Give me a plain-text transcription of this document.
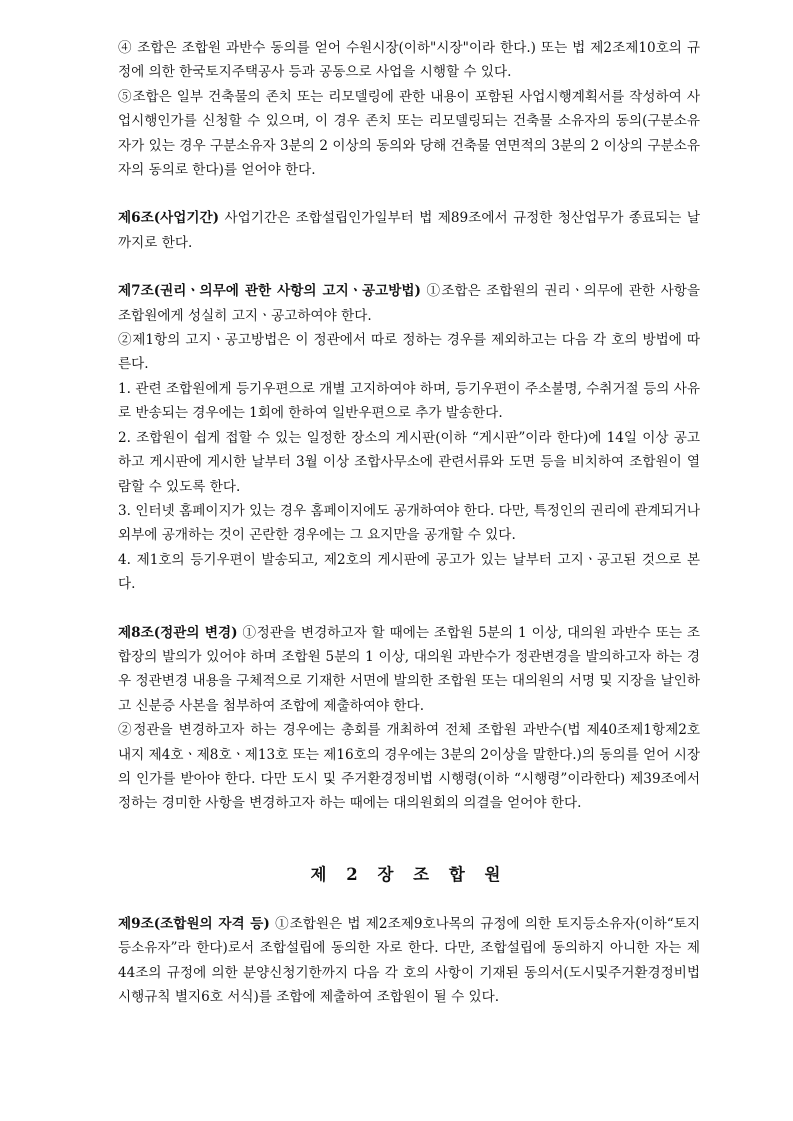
④ 조합은 조합원 과반수 동의를 얻어 수원시장(이하"시장"이라 한다.) 또는 법 제2조제10호의 규정에 의한 한국토지주택공사 등과 공동으로 사업을 시행할 수 있다.

⑤조합은 일부 건축물의 존치 또는 리모델링에 관한 내용이 포함된 사업시행계획서를 작성하여 사업시행인가를 신청할 수 있으며, 이 경우 존치 또는 리모델링되는 건축물 소유자의 동의(구분소유자가 있는 경우 구분소유자 3분의 2 이상의 동의와 당해 건축물 연면적의 3분의 2 이상의 구분소유자의 동의로 한다)를 얻어야 한다.

제6조(사업기간) 사업기간은 조합설립인가일부터 법 제89조에서 규정한 청산업무가 종료되는 날까지로 한다.

제7조(권리ㆍ의무에 관한 사항의 고지ㆍ공고방법) ①조합은 조합원의 권리ㆍ의무에 관한 사항을 조합원에게 성실히 고지ㆍ공고하여야 한다.

②제1항의 고지ㆍ공고방법은 이 정관에서 따로 정하는 경우를 제외하고는 다음 각 호의 방법에 따른다.

1. 관련 조합원에게 등기우편으로 개별 고지하여야 하며, 등기우편이 주소불명, 수취거절 등의 사유로 반송되는 경우에는 1회에 한하여 일반우편으로 추가 발송한다.

2. 조합원이 쉽게 접할 수 있는 일정한 장소의 게시판(이하 “게시판”이라 한다)에 14일 이상 공고하고 게시판에 게시한 날부터 3월 이상 조합사무소에 관련서류와 도면 등을 비치하여 조합원이 열람할 수 있도록 한다.

3. 인터넷 홈페이지가 있는 경우 홈페이지에도 공개하여야 한다. 다만, 특정인의 권리에 관계되거나 외부에 공개하는 것이 곤란한 경우에는 그 요지만을 공개할 수 있다.

4. 제1호의 등기우편이 발송되고, 제2호의 게시판에 공고가 있는 날부터 고지ㆍ공고된 것으로 본다.

제8조(정관의 변경) ①정관을 변경하고자 할 때에는 조합원 5분의 1 이상, 대의원 과반수 또는 조합장의 발의가 있어야 하며 조합원 5분의 1 이상, 대의원 과반수가 정관변경을 발의하고자 하는 경우 정관변경 내용을 구체적으로 기재한 서면에 발의한 조합원 또는 대의원의 서명 및 지장을 날인하고 신분증 사본을 첨부하여 조합에 제출하여야 한다.

②정관을 변경하고자 하는 경우에는 총회를 개최하여 전체 조합원 과반수(법 제40조제1항제2호 내지 제4호ㆍ제8호ㆍ제13호 또는 제16호의 경우에는 3분의 2이상을 말한다.)의 동의를 얻어 시장의 인가를 받아야 한다. 다만 도시 및 주거환경정비법 시행령(이하 “시행령”이라한다) 제39조에서 정하는 경미한 사항을 변경하고자 하는 때에는 대의원회의 의결을 얻어야 한다.

제 2 장 조 합 원

제9조(조합원의 자격 등) ①조합원은 법 제2조제9호나목의 규정에 의한 토지등소유자(이하“토지등소유자”라 한다)로서 조합설립에 동의한 자로 한다. 다만, 조합설립에 동의하지 아니한 자는 제44조의 규정에 의한 분양신청기한까지 다음 각 호의 사항이 기재된 동의서(도시및주거환경정비법 시행규칙 별지6호 서식)를 조합에 제출하여 조합원이 될 수 있다.
